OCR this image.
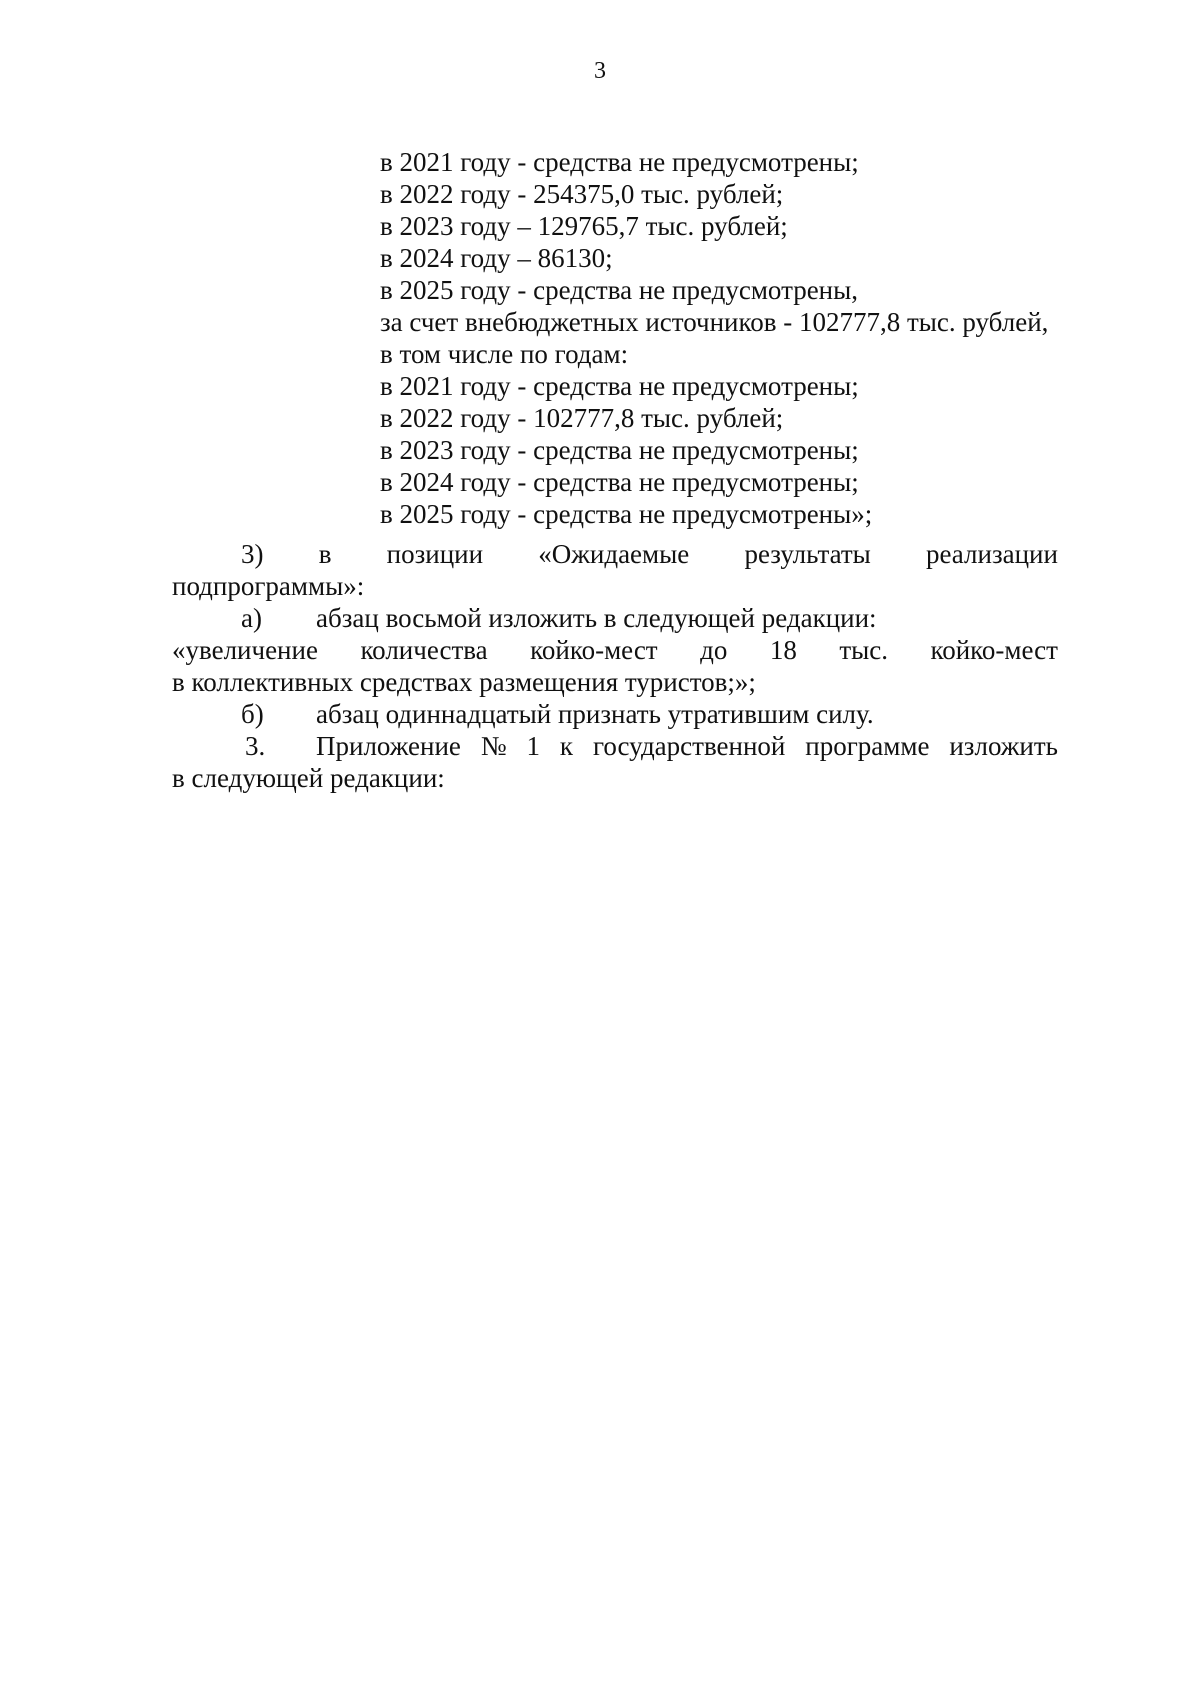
3
в 2021 году - средства не предусмотрены;
в 2022 году - 254375,0 тыс. рублей;
в 2023 году – 129765,7 тыс. рублей;
в 2024 году – 86130;
в 2025 году - средства не предусмотрены,
за счет внебюджетных источников - 102777,8 тыс. рублей,
в том числе по годам:
в 2021 году - средства не предусмотрены;
в 2022 году - 102777,8 тыс. рублей;
в 2023 году - средства не предусмотрены;
в 2024 году - средства не предусмотрены;
в 2025 году - средства не предусмотрены»;
3) в позиции «Ожидаемые результаты реализации
подпрограммы»:
а) абзац восьмой изложить в следующей редакции:
«увеличение количества койко-мест до 18 тыс. койко-мест
в коллективных средствах размещения туристов;»;
б) абзац одиннадцатый признать утратившим силу.
3. Приложение № 1 к государственной программе изложить
в следующей редакции:
